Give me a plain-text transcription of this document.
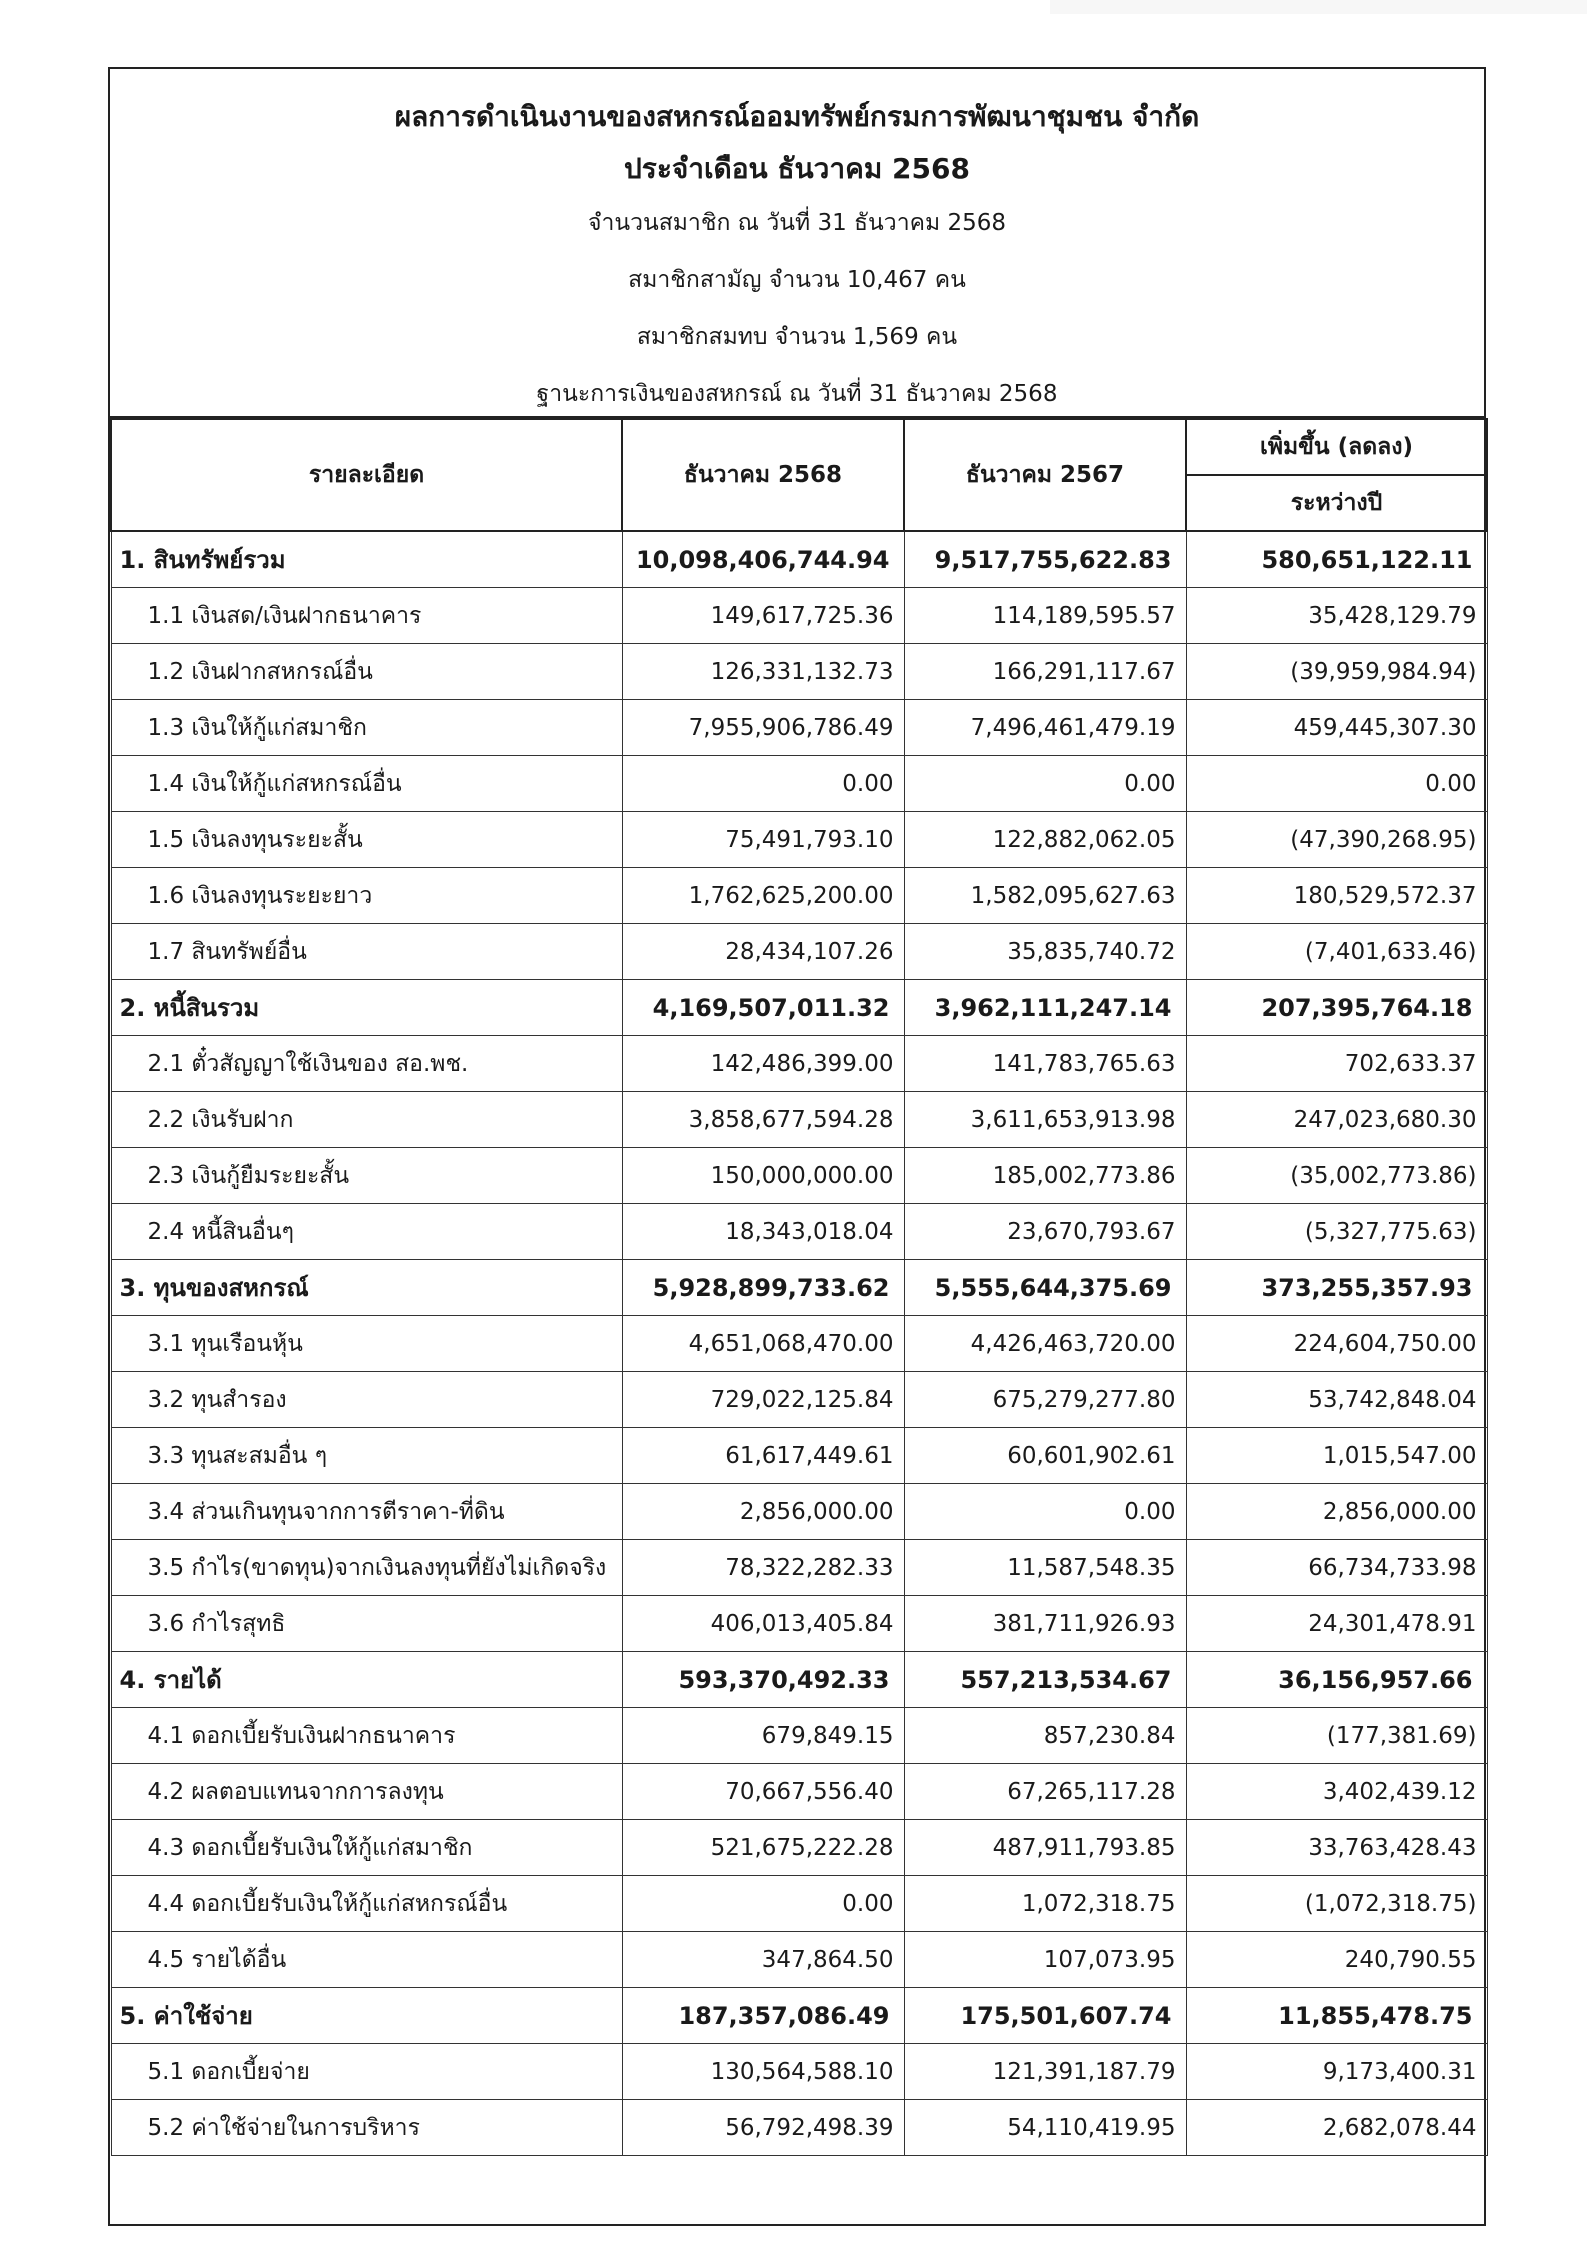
ผลการดำเนินงานของสหกรณ์ออมทรัพย์กรมการพัฒนาชุมชน จำกัด
ประจำเดือน ธันวาคม 2568
จำนวนสมาชิก ณ วันที่ 31 ธันวาคม 2568
สมาชิกสามัญ จำนวน 10,467 คน
สมาชิกสมทบ จำนวน 1,569 คน
ฐานะการเงินของสหกรณ์ ณ วันที่ 31 ธันวาคม 2568
รายละเอียด	ธันวาคม 2568	ธันวาคม 2567	เพิ่มขึ้น (ลดลง)
			ระหว่างปี
1. สินทรัพย์รวม	10,098,406,744.94	9,517,755,622.83	580,651,122.11
1.1 เงินสด/เงินฝากธนาคาร	149,617,725.36	114,189,595.57	35,428,129.79
1.2 เงินฝากสหกรณ์อื่น	126,331,132.73	166,291,117.67	(39,959,984.94)
1.3 เงินให้กู้แก่สมาชิก	7,955,906,786.49	7,496,461,479.19	459,445,307.30
1.4 เงินให้กู้แก่สหกรณ์อื่น	0.00	0.00	0.00
1.5 เงินลงทุนระยะสั้น	75,491,793.10	122,882,062.05	(47,390,268.95)
1.6 เงินลงทุนระยะยาว	1,762,625,200.00	1,582,095,627.63	180,529,572.37
1.7 สินทรัพย์อื่น	28,434,107.26	35,835,740.72	(7,401,633.46)
2. หนี้สินรวม	4,169,507,011.32	3,962,111,247.14	207,395,764.18
2.1 ตั๋วสัญญาใช้เงินของ สอ.พช.	142,486,399.00	141,783,765.63	702,633.37
2.2 เงินรับฝาก	3,858,677,594.28	3,611,653,913.98	247,023,680.30
2.3 เงินกู้ยืมระยะสั้น	150,000,000.00	185,002,773.86	(35,002,773.86)
2.4 หนี้สินอื่นๆ	18,343,018.04	23,670,793.67	(5,327,775.63)
3. ทุนของสหกรณ์	5,928,899,733.62	5,555,644,375.69	373,255,357.93
3.1 ทุนเรือนหุ้น	4,651,068,470.00	4,426,463,720.00	224,604,750.00
3.2 ทุนสำรอง	729,022,125.84	675,279,277.80	53,742,848.04
3.3 ทุนสะสมอื่น ๆ	61,617,449.61	60,601,902.61	1,015,547.00
3.4 ส่วนเกินทุนจากการตีราคา-ที่ดิน	2,856,000.00	0.00	2,856,000.00
3.5 กำไร(ขาดทุน)จากเงินลงทุนที่ยังไม่เกิดจริง	78,322,282.33	11,587,548.35	66,734,733.98
3.6 กำไรสุทธิ	406,013,405.84	381,711,926.93	24,301,478.91
4. รายได้	593,370,492.33	557,213,534.67	36,156,957.66
4.1 ดอกเบี้ยรับเงินฝากธนาคาร	679,849.15	857,230.84	(177,381.69)
4.2 ผลตอบแทนจากการลงทุน	70,667,556.40	67,265,117.28	3,402,439.12
4.3 ดอกเบี้ยรับเงินให้กู้แก่สมาชิก	521,675,222.28	487,911,793.85	33,763,428.43
4.4 ดอกเบี้ยรับเงินให้กู้แก่สหกรณ์อื่น	0.00	1,072,318.75	(1,072,318.75)
4.5 รายได้อื่น	347,864.50	107,073.95	240,790.55
5. ค่าใช้จ่าย	187,357,086.49	175,501,607.74	11,855,478.75
5.1 ดอกเบี้ยจ่าย	130,564,588.10	121,391,187.79	9,173,400.31
5.2 ค่าใช้จ่ายในการบริหาร	56,792,498.39	54,110,419.95	2,682,078.44
